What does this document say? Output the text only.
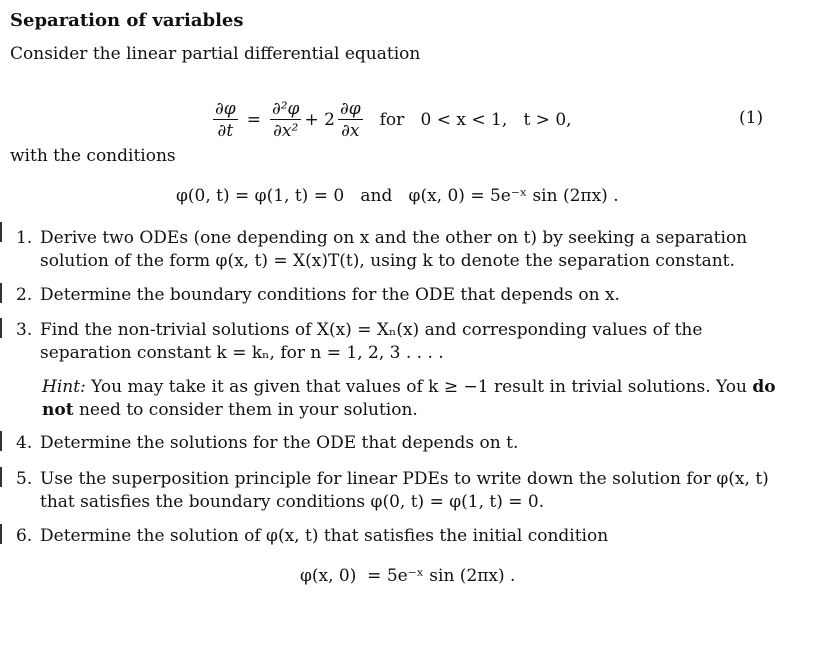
Separation of variables
Consider the linear partial differential equation
$\frac{\partial\varphi}{\partial t} = \frac{\text{∂²φ}}{\text{∂x²}} + 2 \frac{\partial\varphi}{\partial x}$ for   0 < x < 1,   t > 0,	(1)
with the conditions
φ(0, t) = φ(1, t) = 0   and   φ(x, 0) = 5e⁻ˣ sin (2πx) .
1. Derive two ODEs (one depending on x and the other on t) by seeking a separation solution of the form φ(x, t) = X(x)T(t), using k to denote the separation constant.
2. Determine the boundary conditions for the ODE that depends on x.
3. Find the non-trivial solutions of X(x) = Xₙ(x) and corresponding values of the separation constant k = kₙ, for n = 1, 2, 3 . . . .
Hint: You may take it as given that values of k ≥ −1 result in trivial solutions. You do not need to consider them in your solution.
4. Determine the solutions for the ODE that depends on t.
5. Use the superposition principle for linear PDEs to write down the solution for φ(x, t) that satisfies the boundary conditions φ(0, t) = φ(1, t) = 0.
6. Determine the solution of φ(x, t) that satisfies the initial condition
φ(x, 0)  = 5e⁻ˣ sin (2πx) .
